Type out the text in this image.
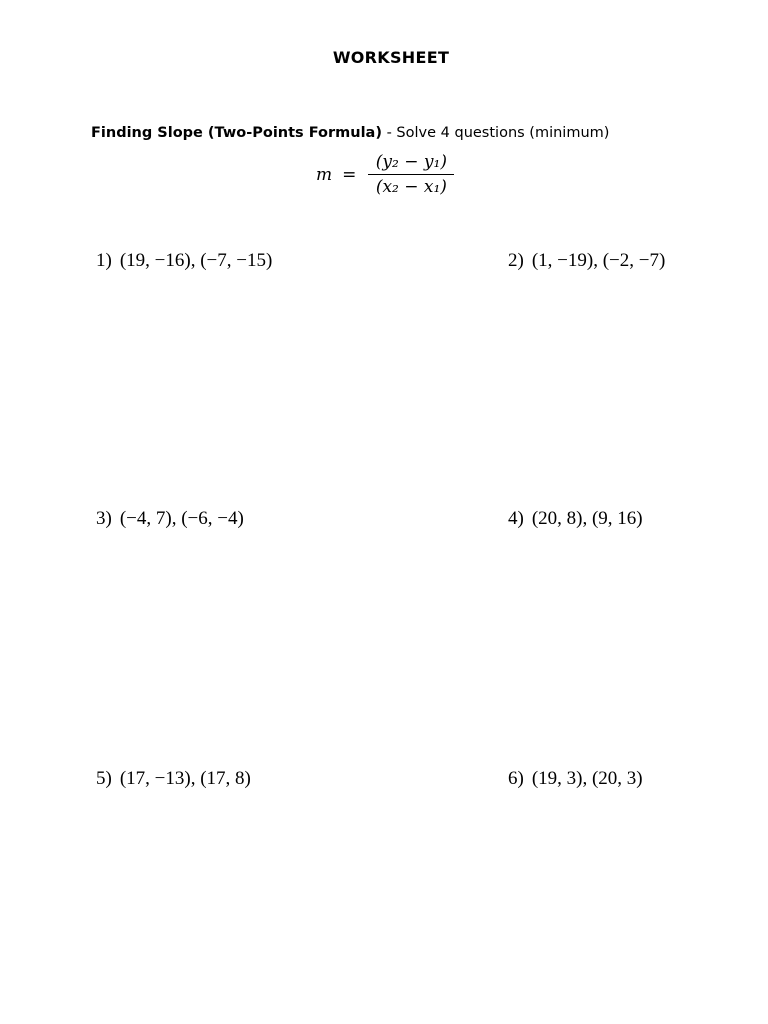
WORKSHEET
Finding Slope (Two-Points Formula) - Solve 4 questions (minimum)
$m = \frac{\text{(y₂ − y₁)}}{\text{(x₂ − x₁)}}$
1) (19, −16), (−7, −15)	2) (1, −19), (−2, −7)
3) (−4, 7), (−6, −4)	4) (20, 8), (9, 16)
5) (17, −13), (17, 8)	6) (19, 3), (20, 3)
